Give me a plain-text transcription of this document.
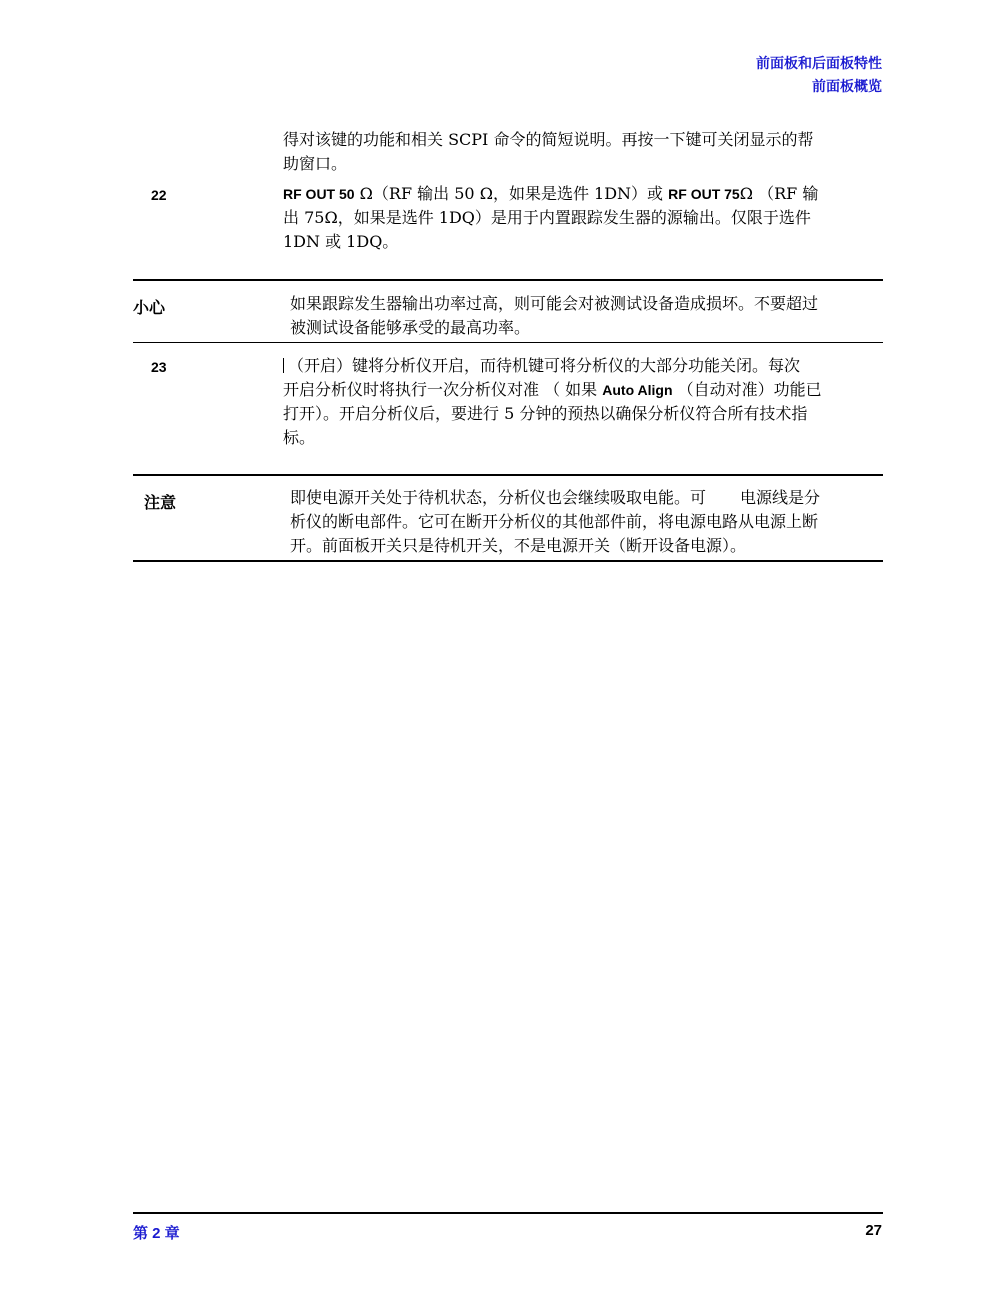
前面板和后面板特性
前面板概览
得对该键的功能和相关 SCPI 命令的简短说明。再按一下键可关闭显示的帮
助窗口。
22	RF OUT 50 Ω（RF 输出 50 Ω，如果是选件 1DN）或 RF OUT 75Ω （RF 输
出 75Ω，如果是选件 1DQ）是用于内置跟踪发生器的源输出。仅限于选件
1DN 或 1DQ。
小心	如果跟踪发生器输出功率过高，则可能会对被测试设备造成损坏。不要超过
被测试设备能够承受的最高功率。
23	（开启）键将分析仪开启，而待机键可将分析仪的大部分功能关闭。每次
开启分析仪时将执行一次分析仪对准 （ 如果 Auto Align （自动对准）功能已
打开）。开启分析仪后，要进行 5 分钟的预热以确保分析仪符合所有技术指
标。
注意	即使电源开关处于待机状态，分析仪也会继续吸取电能。可 电源线是分
析仪的断电部件。它可在断开分析仪的其他部件前，将电源电路从电源上断
开。前面板开关只是待机开关，不是电源开关（断开设备电源）。
第 2 章	27
